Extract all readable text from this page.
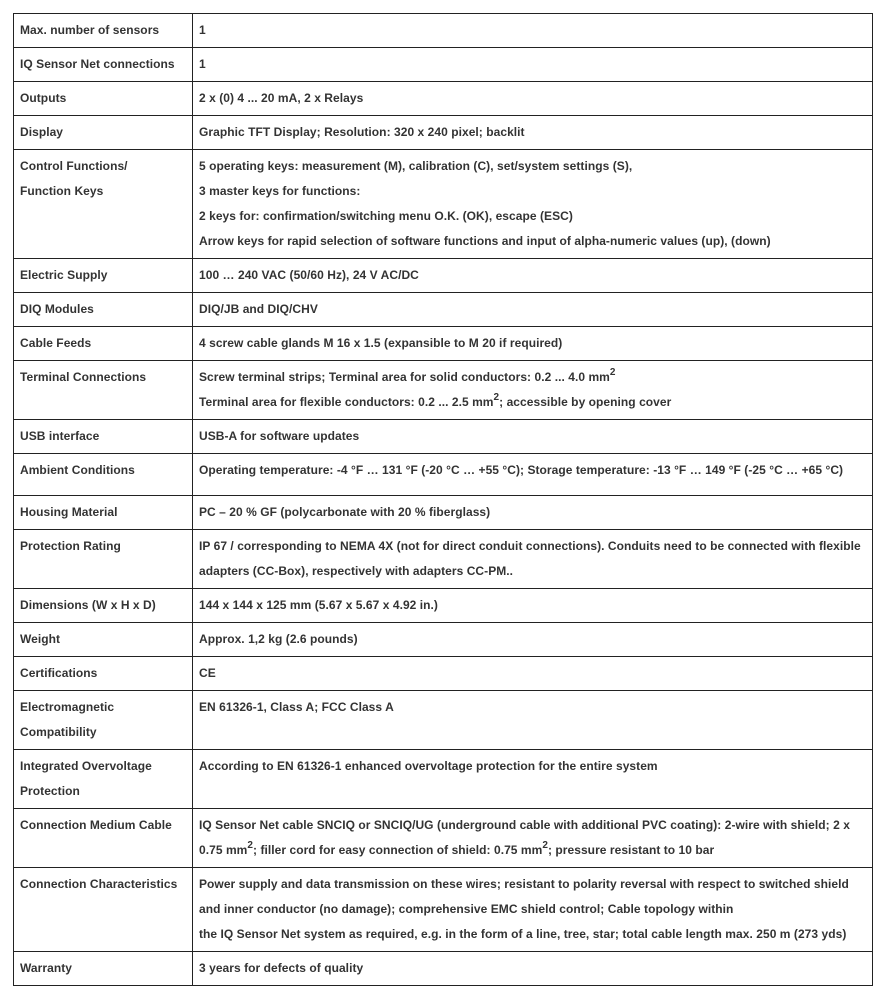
Max. number of sensors	1

IQ Sensor Net connections	1

Outputs	2 x (0) 4 ... 20 mA, 2 x Relays

Display	Graphic TFT Display; Resolution: 320 x 240 pixel; backlit

Control Functions/
Function Keys	5 operating keys: measurement (M), calibration (C), set/system settings (S),
3 master keys for functions:
2 keys for: confirmation/switching menu O.K. (OK), escape (ESC)
Arrow keys for rapid selection of software functions and input of alpha-numeric values (up), (down)

Electric Supply	100 … 240 VAC (50/60 Hz), 24 V AC/DC

DIQ Modules	DIQ/JB and DIQ/CHV

Cable Feeds	4 screw cable glands M 16 x 1.5 (expansible to M 20 if required)

Terminal Connections	Screw terminal strips; Terminal area for solid conductors: 0.2 ... 4.0 $mm^2$
Terminal area for flexible conductors: 0.2 ... 2.5 $mm^2$; accessible by opening cover

USB interface	USB-A for software updates

Ambient Conditions	Operating temperature: -4 °F … 131 °F (-20 °C … +55 °C); Storage temperature: -13 °F … 149 °F (-25 °C … +65 °C)

Housing Material	PC – 20 % GF (polycarbonate with 20 % fiberglass)

Protection Rating	IP 67 / corresponding to NEMA 4X (not for direct conduit connections). Conduits need to be connected with flexible
adapters (CC-Box), respectively with adapters CC-PM..

Dimensions (W x H x D)	144 x 144 x 125 mm (5.67 x 5.67 x 4.92 in.)

Weight	Approx. 1,2 kg (2.6 pounds)

Certifications	CE

Electromagnetic
Compatibility	EN 61326-1, Class A; FCC Class A

Integrated Overvoltage
Protection	According to EN 61326-1 enhanced overvoltage protection for the entire system

Connection Medium Cable	IQ Sensor Net cable SNCIQ or SNCIQ/UG (underground cable with additional PVC coating): 2-wire with shield; 2 x
0.75 $mm^2$; filler cord for easy connection of shield: 0.75 $mm^2$; pressure resistant to 10 bar

Connection Characteristics	Power supply and data transmission on these wires; resistant to polarity reversal with respect to switched shield
and inner conductor (no damage); comprehensive EMC shield control; Cable topology within
the IQ Sensor Net system as required, e.g. in the form of a line, tree, star; total cable length max. 250 m (273 yds)

Warranty	3 years for defects of quality
